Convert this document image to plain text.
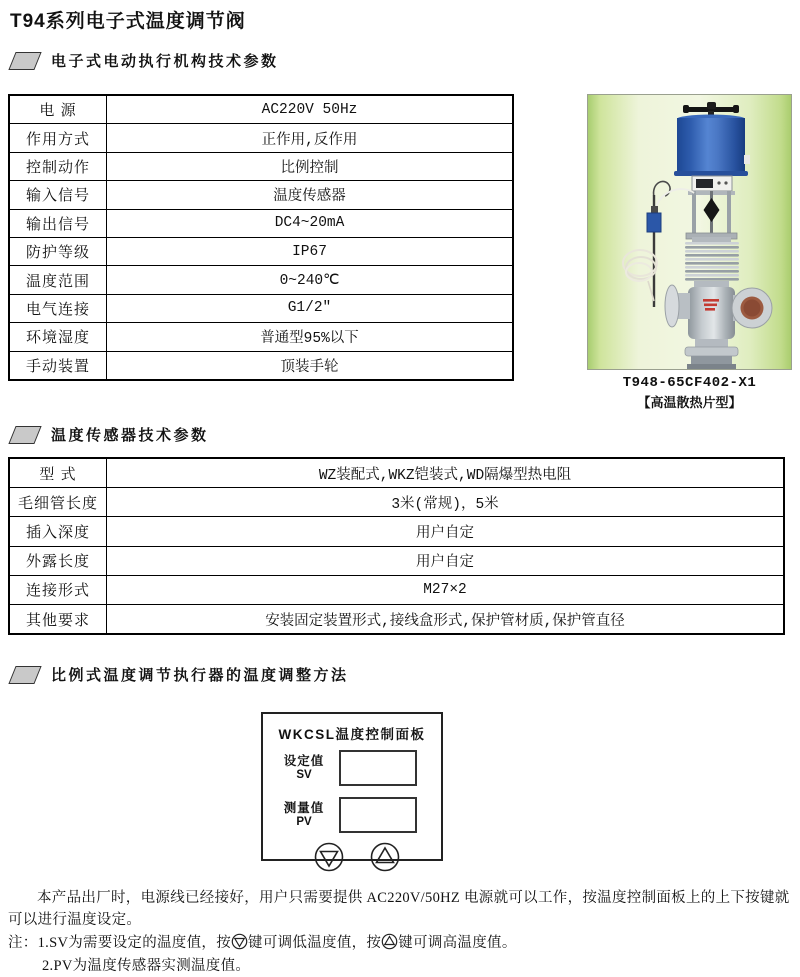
T94系列电子式温度调节阀
电子式电动执行机构技术参数
电 源	AC220V 50Hz
作用方式	正作用,反作用
控制动作	比例控制
输入信号	温度传感器
输出信号	DC4~20mA
防护等级	IP67
温度范围	0~240℃
电气连接	G1/2″
环境湿度	普通型95%以下
手动装置	顶装手轮
T948-65CF402-X1
【高温散热片型】
温度传感器技术参数
型 式	WZ装配式,WKZ铠装式,WD隔爆型热电阻
毛细管长度	3米(常规)，5米
插入深度	用户自定
外露长度	用户自定
连接形式	M27×2
其他要求	安装固定装置形式,接线盒形式,保护管材质,保护管直径
比例式温度调节执行器的温度调整方法
WKCSL温度控制面板
设定值
SV
测量值
PV

本产品出厂时，电源线已经接好，用户只需要提供 AC220V/50HZ 电源就可以工作，按温度控制面板上的上下按键就可以进行温度设定。

注：1.SV为需要设定的温度值，按 键可调低温度值，按 键可调高温度值。

2.PV为温度传感器实测温度值。
